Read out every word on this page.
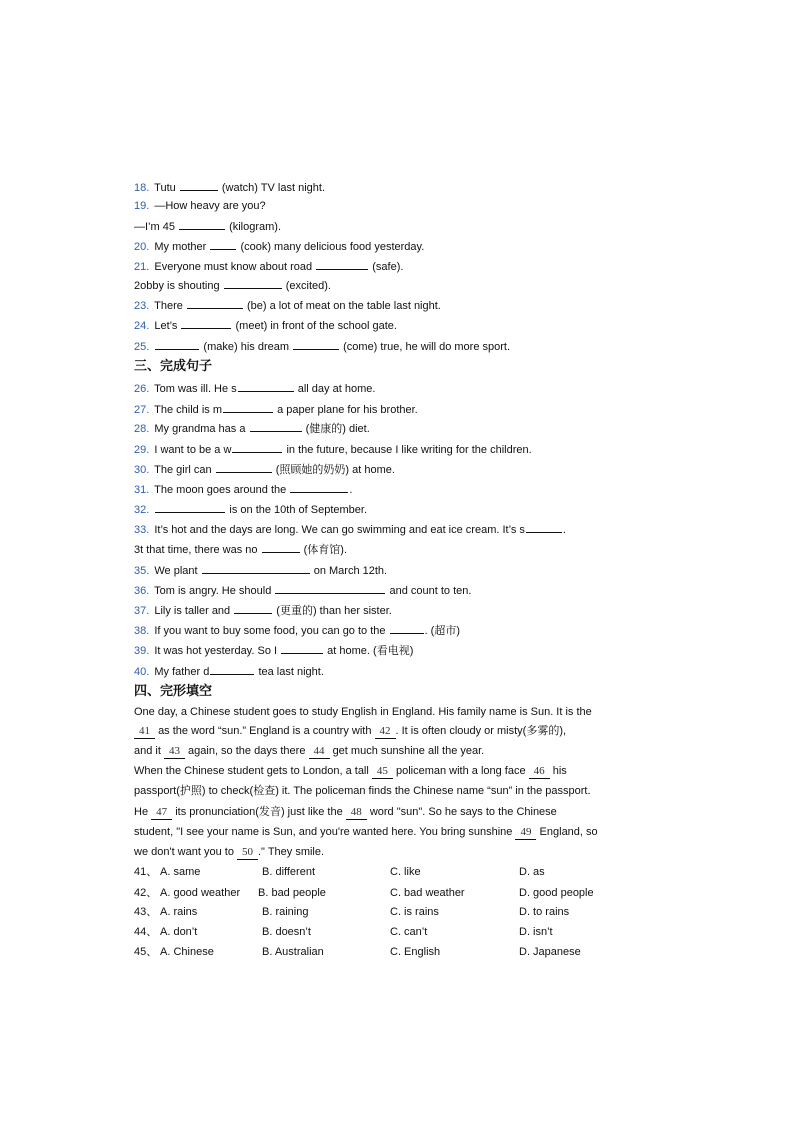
18. Tutu	(watch) TV last night.
19. —How heavy are you?
—I’m 45	(kilogram).
20. My mother	(cook) many delicious food yesterday.
21. Everyone must know about road	(safe).
2obby is shouting	(excited).
23. There	(be) a lot of meat on the table last night.
24. Let’s	(meet) in front of the school gate.
25.	(make) his dream	(come) true, he will do more sport.
三、完成句子
26. Tom was ill. He s	all day at home.
27. The child is m	a paper plane for his brother.
28. My grandma has a	(健康的) diet.
29. I want to be a w	in the future, because I like writing for the children.
30. The girl can	(照顾她的奶奶) at home.
31. The moon goes around the	.
32.	is on the 10th of September.
33. It’s hot and the days are long. We can go swimming and eat ice cream. It’s s	.
3t that time, there was no	(体育馆).
35. We plant	on March 12th.
36. Tom is angry. He should	and count to ten.
37. Lily is taller and	(更重的) than her sister.
38. If you want to buy some food, you can go to the	. (超市)
39. It was hot yesterday. So I	at home. (看电视)
40. My father d	tea last night.
四、完形填空
One day, a Chinese student goes to study English in England. His family name is Sun. It is the
41 as the word “sun.” England is a country with 42 . It is often cloudy or misty(多雾的),
and it 43 again, so the days there 44 get much sunshine all the year.
When the Chinese student gets to London, a tall 45 policeman with a long face 46 his
passport(护照) to check(检查) it. The policeman finds the Chinese name “sun” in the passport.
He 47 its pronunciation(发音) just like the 48 word "sun". So he says to the Chinese
student, "I see your name is Sun, and you're wanted here. You bring sunshine 49 England, so
we don't want you to 50 ." They smile.
41、 A. same	B. different	C. like	D. as
42、 A. good weather B. bad people	C. bad weather	D. good people
43、 A. rains	B. raining	C. is rains	D. to rains
44、 A. don’t	B. doesn’t	C. can’t	D. isn’t
45、 A. Chinese	B. Australian	C. English	D. Japanese
